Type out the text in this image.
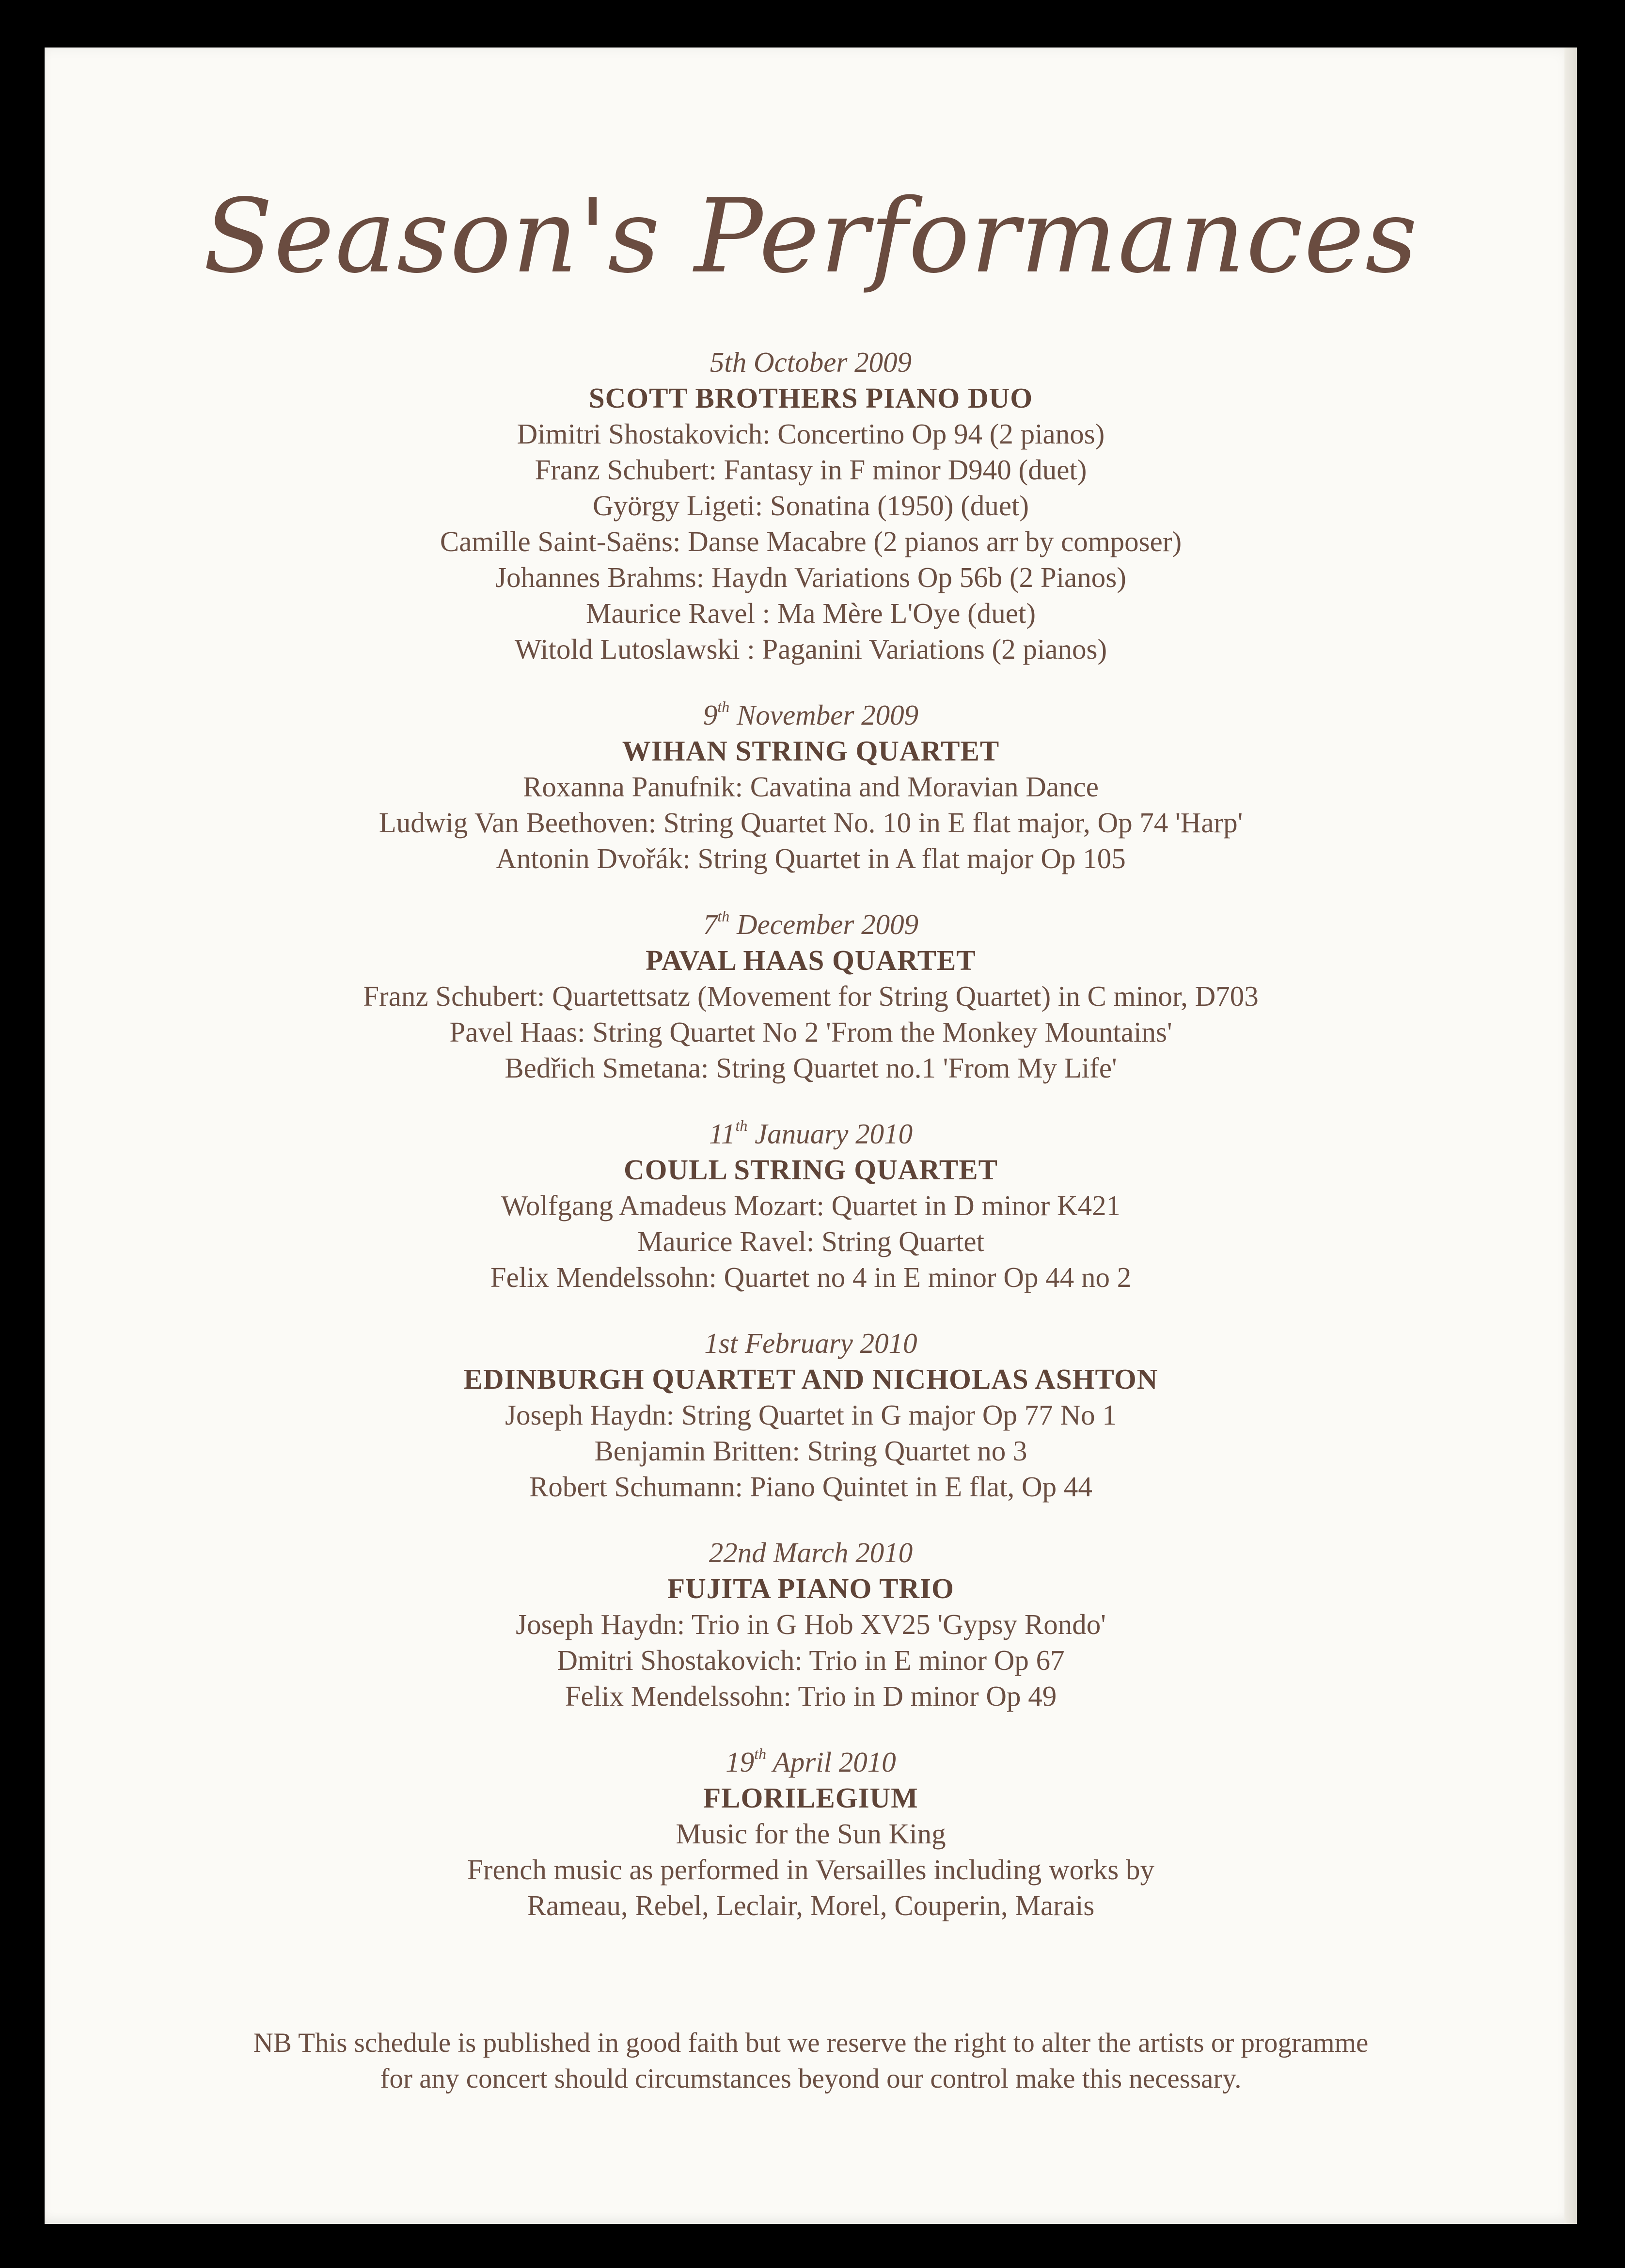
Season's Performances
5th October 2009
SCOTT BROTHERS PIANO DUO
Dimitri Shostakovich: Concertino Op 94 (2 pianos)
Franz Schubert: Fantasy in F minor D940 (duet)
György Ligeti: Sonatina (1950) (duet)
Camille Saint-Saëns: Danse Macabre (2 pianos arr by composer)
Johannes Brahms: Haydn Variations Op 56b (2 Pianos)
Maurice Ravel : Ma Mère L'Oye (duet)
Witold Lutoslawski : Paganini Variations (2 pianos)
9th November 2009
WIHAN STRING QUARTET
Roxanna Panufnik: Cavatina and Moravian Dance
Ludwig Van Beethoven: String Quartet No. 10 in E flat major, Op 74 'Harp'
Antonin Dvořák: String Quartet in A flat major Op 105
7th December 2009
PAVAL HAAS QUARTET
Franz Schubert: Quartettsatz (Movement for String Quartet) in C minor, D703
Pavel Haas: String Quartet No 2 'From the Monkey Mountains'
Bedřich Smetana: String Quartet no.1 'From My Life'
11th January 2010
COULL STRING QUARTET
Wolfgang Amadeus Mozart: Quartet in D minor K421
Maurice Ravel: String Quartet
Felix Mendelssohn: Quartet no 4 in E minor Op 44 no 2
1st February 2010
EDINBURGH QUARTET AND NICHOLAS ASHTON
Joseph Haydn: String Quartet in G major Op 77 No 1
Benjamin Britten: String Quartet no 3
Robert Schumann: Piano Quintet in E flat, Op 44
22nd March 2010
FUJITA PIANO TRIO
Joseph Haydn: Trio in G Hob XV25 'Gypsy Rondo'
Dmitri Shostakovich: Trio in E minor Op 67
Felix Mendelssohn: Trio in D minor Op 49
19th April 2010
FLORILEGIUM
Music for the Sun King
French music as performed in Versailles including works by
Rameau, Rebel, Leclair, Morel, Couperin, Marais
NB This schedule is published in good faith but we reserve the right to alter the artists or programme
for any concert should circumstances beyond our control make this necessary.
